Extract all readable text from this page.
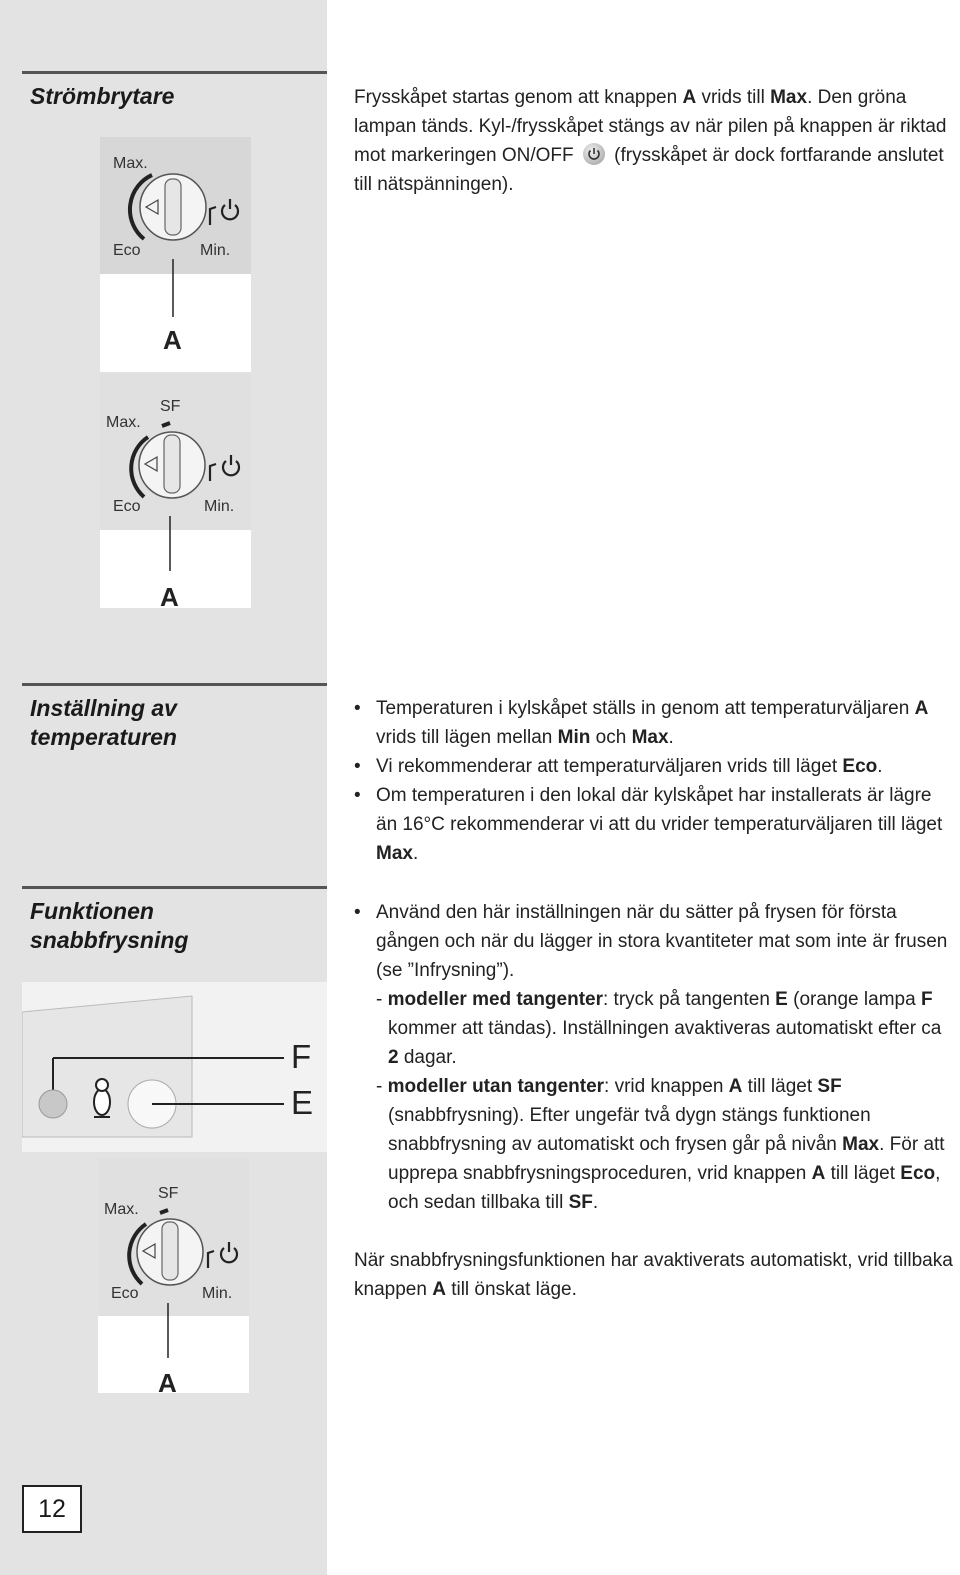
Strömbrytare	Frysskåpet startas genom att knappen A vrids till Max. Den gröna lampan tänds. Kyl-/frysskåpet stängs av när pilen på knappen är riktad mot markeringen ON/OFF
(frysskåpet är dock fortfarande anslutet till nätspänningen).
Max.
Eco	Min.
A
SF
Max.
Eco	Min.
A
Inställning av
temperaturen
• Temperaturen i kylskåpet ställs in genom att temperaturväljaren A vrids till lägen mellan Min och Max.
• Vi rekommenderar att temperaturväljaren vrids till läget Eco.
• Om temperaturen i den lokal där kylskåpet har installerats är lägre än 16°C rekommenderar vi att du vrider temperaturväljaren till läget Max.
Funktionen
snabbfrysning
F
E
SF
Max.
Eco	Min.
A
• Använd den här inställningen när du sätter på frysen för första gången och när du lägger in stora kvantiteter mat som inte är frusen (se ”Infrysning”).
- modeller med tangenter: tryck på tangenten E (orange lampa F kommer att tändas). Inställningen avaktiveras automatiskt efter ca 2 dagar.
- modeller utan tangenter: vrid knappen A till läget SF (snabbfrysning). Efter ungefär två dygn stängs funktionen snabbfrysning av automatiskt och frysen går på nivån Max. För att upprepa snabbfrysningsproceduren, vrid knappen A till läget Eco, och sedan tillbaka till SF.
När snabbfrysningsfunktionen har avaktiverats automatiskt, vrid tillbaka knappen A till önskat läge.
12
